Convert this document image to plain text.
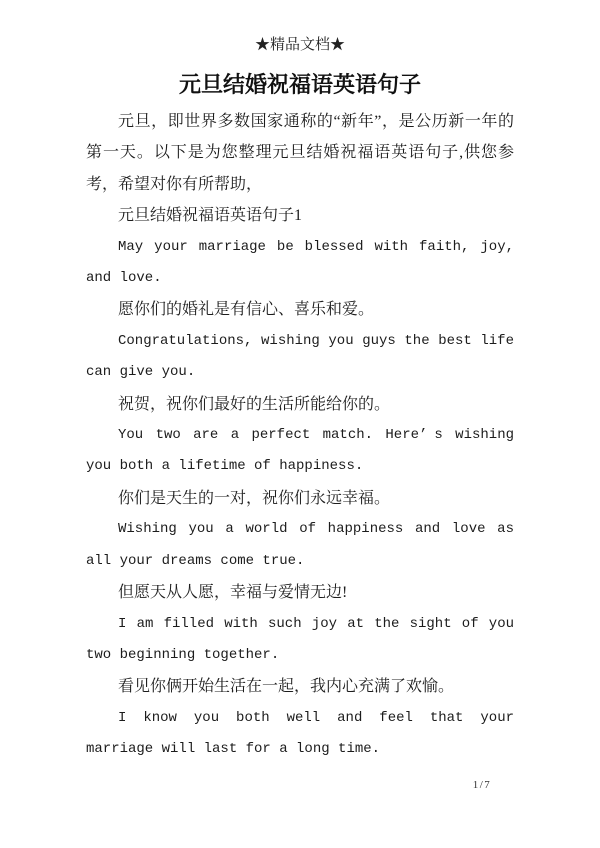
★精品文档★
元旦结婚祝福语英语句子

元旦，即世界多数国家通称的“新年”，是公历新一年的第一天。以下是为您整理元旦结婚祝福语英语句子,供您参考，希望对你有所帮助，

元旦结婚祝福语英语句子1

May your marriage be blessed with faith, joy, and love.

愿你们的婚礼是有信心、喜乐和爱。

Congratulations, wishing you guys the best life can give you.

祝贺，祝你们最好的生活所能给你的。

You two are a perfect match. Here’ s wishing you both a lifetime of happiness.

你们是天生的一对，祝你们永远幸福。

Wishing you a world of happiness and love as all your dreams come true.

但愿天从人愿，幸福与爱情无边!

I am filled with such joy at the sight of you two beginning together.

看见你俩开始生活在一起，我内心充满了欢愉。

I know you both well and feel that your marriage will last for a long time.

1/7
